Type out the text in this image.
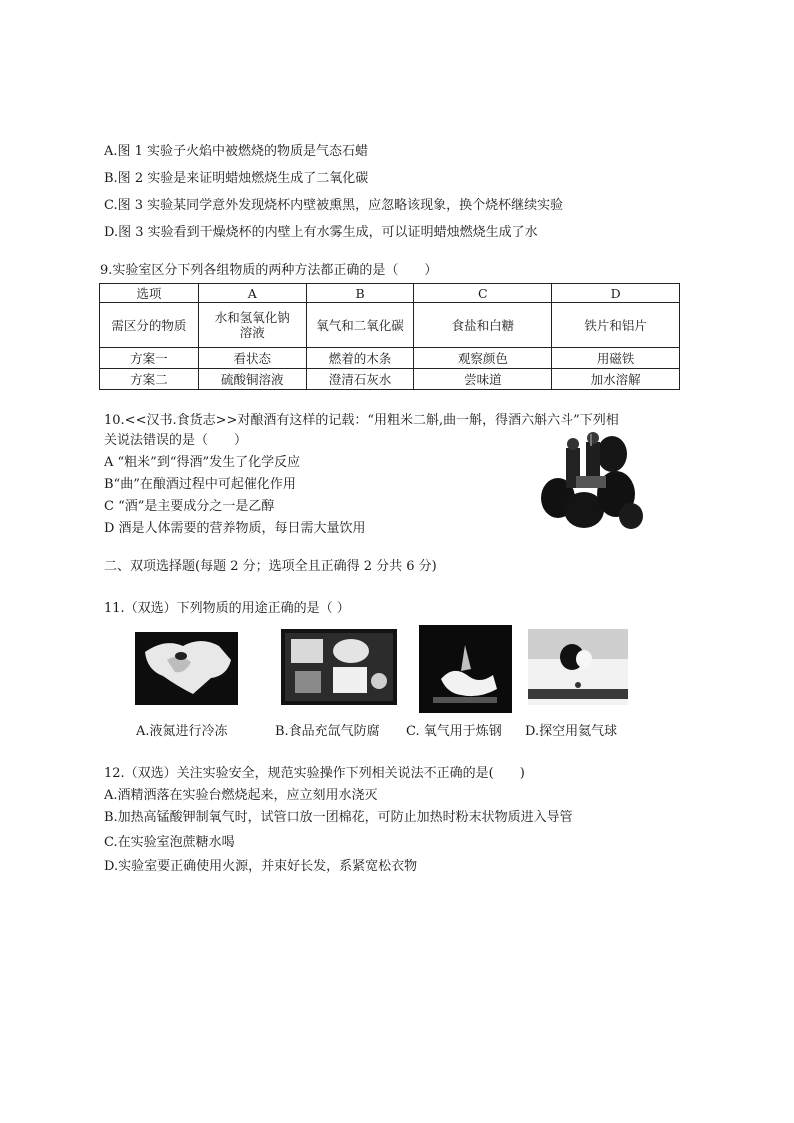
A.图 1 实验子火焰中被燃烧的物质是气态石蜡
B.图 2 实验是来证明蜡烛燃烧生成了二氧化碳
C.图 3 实验某同学意外发现烧杯内壁被熏黑，应忽略该现象，换个烧杯继续实验
D.图 3 实验看到干燥烧杯的内壁上有水雾生成，可以证明蜡烛燃烧生成了水
9.实验室区分下列各组物质的两种方法都正确的是（　　）
选项	A	B	C	D
需区分的物质	水和氢氧化钠溶液	氧气和二氧化碳	食盐和白糖	铁片和铝片
方案一	看状态	燃着的木条	观察颜色	用磁铁
方案二	硫酸铜溶液	澄清石灰水	尝味道	加水溶解
10.<<汉书.食货志>>对酿酒有这样的记载：“用粗米二斛,曲一斛，得酒六斛六斗”下列相
关说法错误的是（　　）
A “粗米”到“得酒”发生了化学反应
B“曲”在酿酒过程中可起催化作用
C “酒”是主要成分之一是乙醇
D 酒是人体需要的营养物质，每日需大量饮用
二、双项选择题(每题 2 分；选项全且正确得 2 分共 6 分)
11.（双选）下列物质的用途正确的是（ ）
A.液氮进行冷冻	B.食品充氙气防腐 C. 氧气用于炼钢 D.探空用氦气球
12.（双选）关注实验安全，规范实验操作下列相关说法不正确的是(　　)
A.酒精洒落在实验台燃烧起来，应立刻用水浇灭
B.加热高锰酸钾制氧气时，试管口放一团棉花，可防止加热时粉末状物质进入导管
C.在实验室泡蔗糖水喝
D.实验室要正确使用火源，并束好长发，系紧宽松衣物
